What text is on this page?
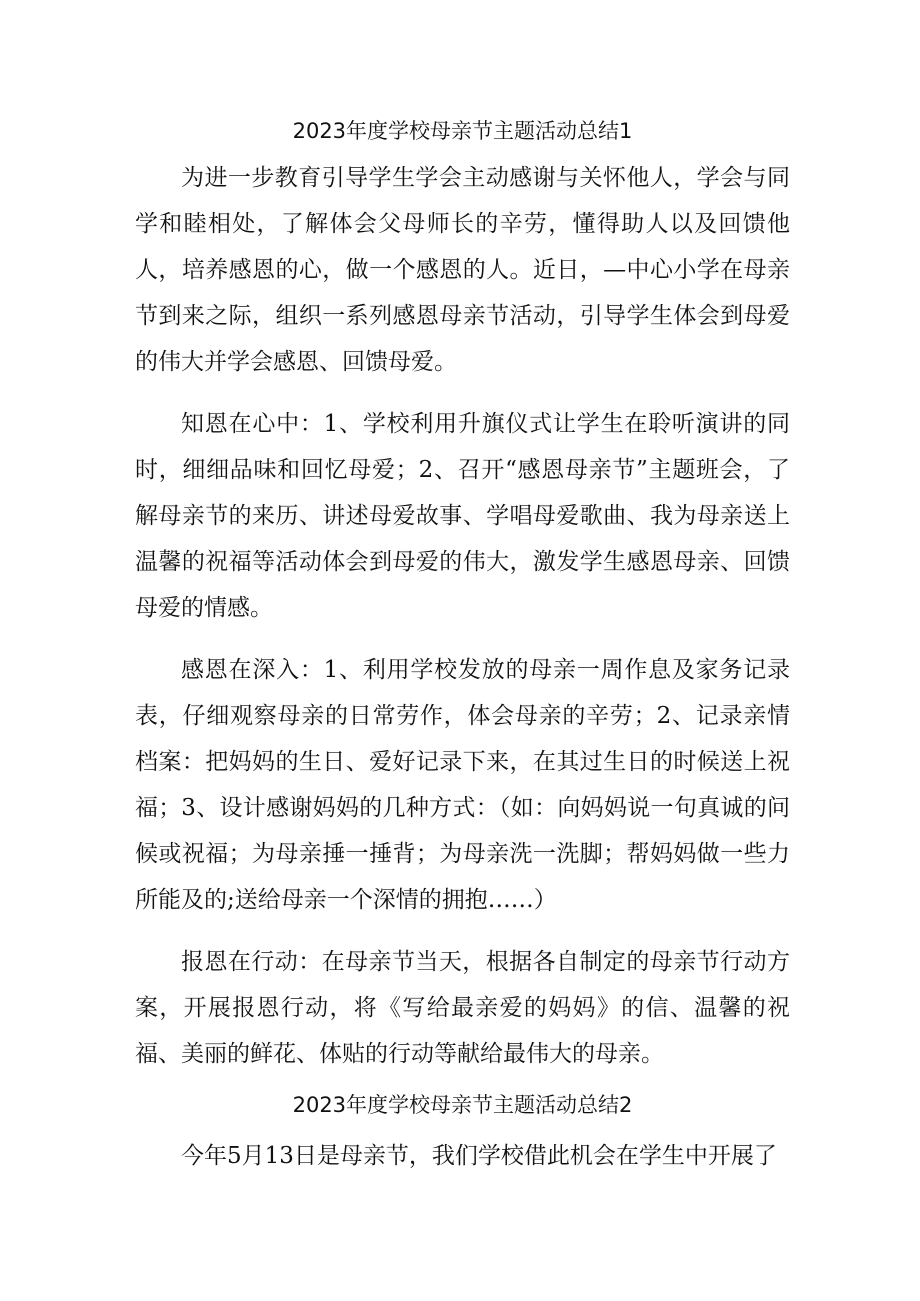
2023年度学校母亲节主题活动总结1

为进一步教育引导学生学会主动感谢与关怀他人，学会与同学和睦相处，了解体会父母师长的辛劳，懂得助人以及回馈他人，培养感恩的心，做一个感恩的人。近日，—中心小学在母亲节到来之际，组织一系列感恩母亲节活动，引导学生体会到母爱的伟大并学会感恩、回馈母爱。

知恩在心中：1、学校利用升旗仪式让学生在聆听演讲的同时，细细品味和回忆母爱；2、召开“感恩母亲节”主题班会，了解母亲节的来历、讲述母爱故事、学唱母爱歌曲、我为母亲送上温馨的祝福等活动体会到母爱的伟大，激发学生感恩母亲、回馈母爱的情感。

感恩在深入：1、利用学校发放的母亲一周作息及家务记录表，仔细观察母亲的日常劳作，体会母亲的辛劳；2、记录亲情档案：把妈妈的生日、爱好记录下来，在其过生日的时候送上祝福；3、设计感谢妈妈的几种方式：（如：向妈妈说一句真诚的问候或祝福；为母亲捶一捶背；为母亲洗一洗脚；帮妈妈做一些力所能及的;送给母亲一个深情的拥抱……）

报恩在行动：在母亲节当天，根据各自制定的母亲节行动方案，开展报恩行动，将《写给最亲爱的妈妈》的信、温馨的祝福、美丽的鲜花、体贴的行动等献给最伟大的母亲。

2023年度学校母亲节主题活动总结2

今年5月13日是母亲节，我们学校借此机会在学生中开展了
